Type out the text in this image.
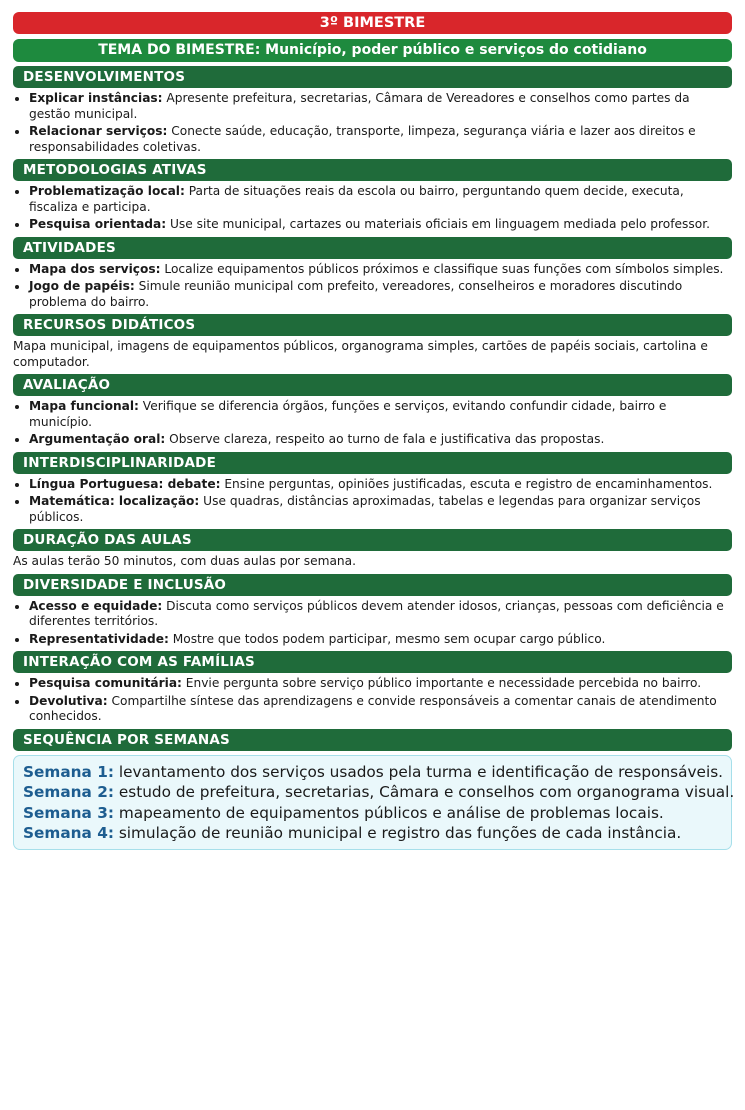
3º BIMESTRE
TEMA DO BIMESTRE: Município, poder público e serviços do cotidiano
DESENVOLVIMENTOS
• Explicar instâncias: Apresente prefeitura, secretarias, Câmara de Vereadores e conselhos como partes da gestão municipal.
• Relacionar serviços: Conecte saúde, educação, transporte, limpeza, segurança viária e lazer aos direitos e responsabilidades coletivas.
METODOLOGIAS ATIVAS
• Problematização local: Parta de situações reais da escola ou bairro, perguntando quem decide, executa, fiscaliza e participa.
• Pesquisa orientada: Use site municipal, cartazes ou materiais oficiais em linguagem mediada pelo professor.
ATIVIDADES
• Mapa dos serviços: Localize equipamentos públicos próximos e classifique suas funções com símbolos simples.
• Jogo de papéis: Simule reunião municipal com prefeito, vereadores, conselheiros e moradores discutindo problema do bairro.
RECURSOS DIDÁTICOS

Mapa municipal, imagens de equipamentos públicos, organograma simples, cartões de papéis sociais, cartolina e computador.

AVALIAÇÃO
• Mapa funcional: Verifique se diferencia órgãos, funções e serviços, evitando confundir cidade, bairro e município.
• Argumentação oral: Observe clareza, respeito ao turno de fala e justificativa das propostas.
INTERDISCIPLINARIDADE
• Língua Portuguesa: debate: Ensine perguntas, opiniões justificadas, escuta e registro de encaminhamentos.
• Matemática: localização: Use quadras, distâncias aproximadas, tabelas e legendas para organizar serviços públicos.
DURAÇÃO DAS AULAS

As aulas terão 50 minutos, com duas aulas por semana.

DIVERSIDADE E INCLUSÃO
• Acesso e equidade: Discuta como serviços públicos devem atender idosos, crianças, pessoas com deficiência e diferentes territórios.
• Representatividade: Mostre que todos podem participar, mesmo sem ocupar cargo público.
INTERAÇÃO COM AS FAMÍLIAS
• Pesquisa comunitária: Envie pergunta sobre serviço público importante e necessidade percebida no bairro.
• Devolutiva: Compartilhe síntese das aprendizagens e convide responsáveis a comentar canais de atendimento conhecidos.
SEQUÊNCIA POR SEMANAS
Semana 1: levantamento dos serviços usados pela turma e identificação de responsáveis.
Semana 2: estudo de prefeitura, secretarias, Câmara e conselhos com organograma visual.
Semana 3: mapeamento de equipamentos públicos e análise de problemas locais.
Semana 4: simulação de reunião municipal e registro das funções de cada instância.
